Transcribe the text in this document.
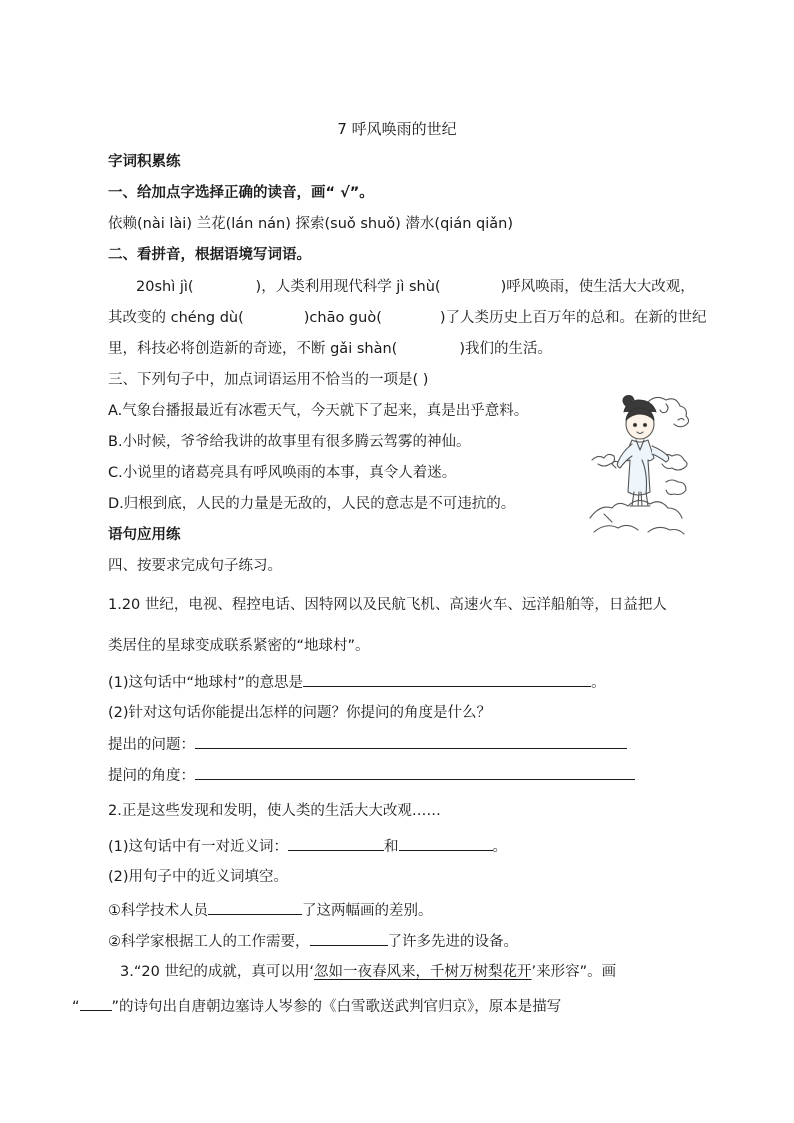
7 呼风唤雨的世纪
字词积累练
一、给加点字选择正确的读音，画“ √”。
依赖(nài lài) 兰花(lán nán) 探索(suǒ shuǒ) 潜水(qián qiǎn)
二、看拼音，根据语境写词语。
20shì jì(	)，人类利用现代科学 jì shù(	)呼风唤雨，使生活大大改观，
其改变的 chéng dù(	)chāo guò(	)了人类历史上百万年的总和。在新的世纪
里，科技必将创造新的奇迹，不断 gǎi shàn(	)我们的生活。
三、下列句子中，加点词语运用不恰当的一项是( )
A.气象台播报最近有冰雹天气，今天就下了起来，真是出乎意料。
B.小时候，爷爷给我讲的故事里有很多腾云驾雾的神仙。
C.小说里的诸葛亮具有呼风唤雨的本事，真令人着迷。
D.归根到底，人民的力量是无敌的，人民的意志是不可违抗的。
语句应用练
四、按要求完成句子练习。
1.20 世纪，电视、程控电话、因特网以及民航飞机、高速火车、远洋船舶等，日益把人
类居住的星球变成联系紧密的“地球村”。
(1)这句话中“地球村”的意思是	。
(2)针对这句话你能提出怎样的问题？你提问的角度是什么？
提出的问题：
提问的角度：
2.正是这些发现和发明，使人类的生活大大改观……
(1)这句话中有一对近义词：	和	。
(2)用句子中的近义词填空。
①科学技术人员	了这两幅画的差别。
②科学家根据工人的工作需要，	了许多先进的设备。
3.“20 世纪的成就，真可以用‘忽如一夜春风来，千树万树梨花开’来形容”。画
“ ”的诗句出自唐朝边塞诗人岑参的《白雪歌送武判官归京》，原本是描写
